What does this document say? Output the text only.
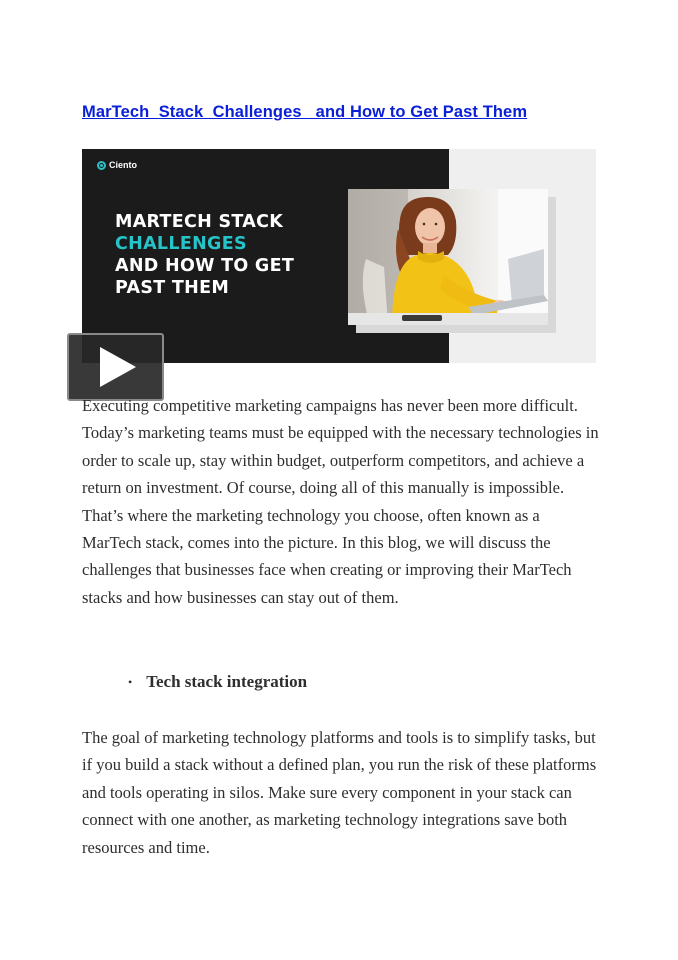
MarTech  Stack  Challenges   and How to Get Past Them
Ciento
MARTECH STACK
CHALLENGES
AND HOW TO GET
PAST THEM

Executing competitive marketing campaigns has never been more difficult. Today’s marketing teams must be equipped with the necessary technologies in order to scale up, stay within budget, outperform competitors, and achieve a return on investment. Of course, doing all of this manually is impossible. That’s where the marketing technology you choose, often known as a MarTech stack, comes into the picture. In this blog, we will discuss the challenges that businesses face when creating or improving their MarTech stacks and how businesses can stay out of them.

• Tech stack integration

The goal of marketing technology platforms and tools is to simplify tasks, but if you build a stack without a defined plan, you run the risk of these platforms and tools operating in silos. Make sure every component in your stack can connect with one another, as marketing technology integrations save both resources and time.
